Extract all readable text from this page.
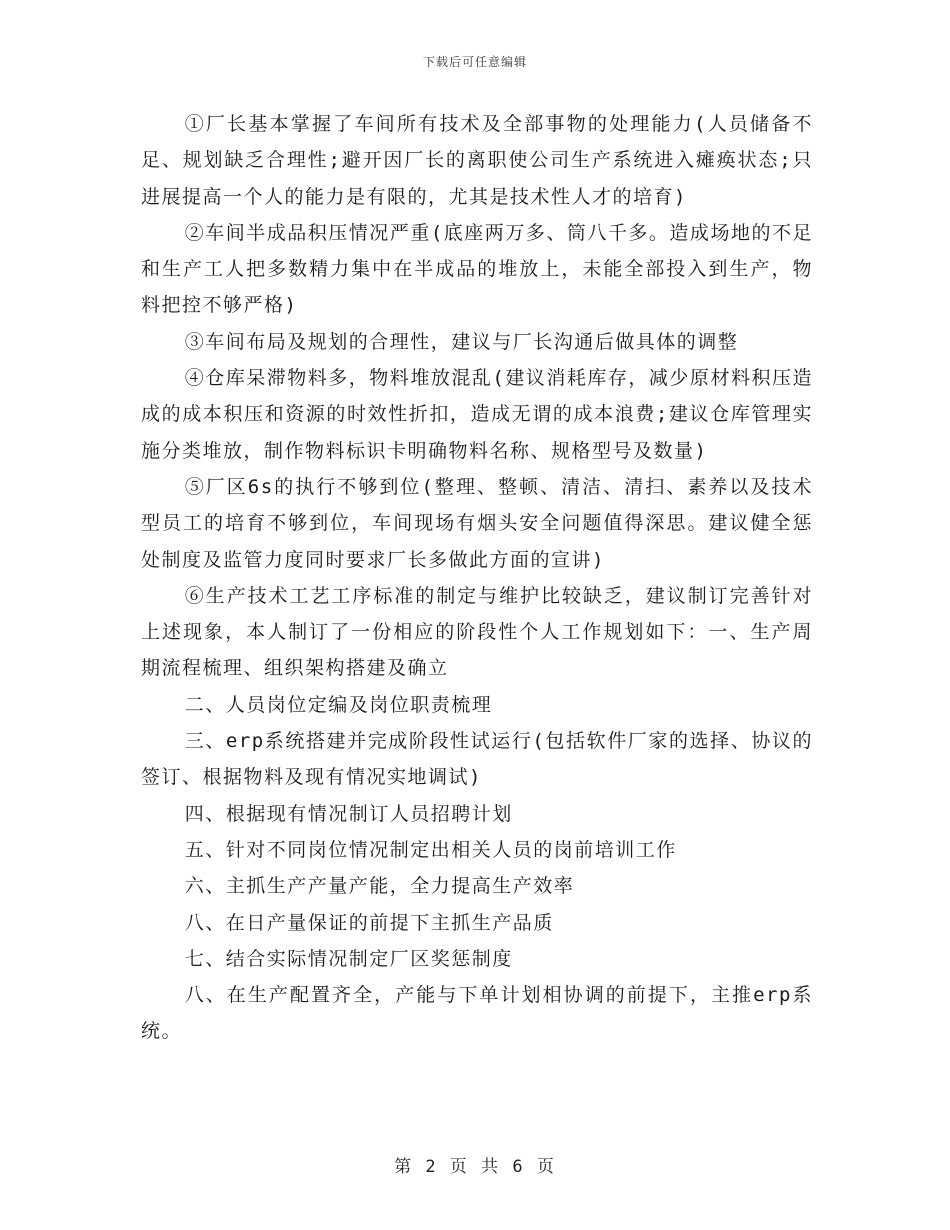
下载后可任意编辑

①厂长基本掌握了车间所有技术及全部事物的处理能力(人员储备不足、规划缺乏合理性;避开因厂长的离职使公司生产系统进入瘫痪状态;只进展提高一个人的能力是有限的，尤其是技术性人才的培育)

②车间半成品积压情况严重(底座两万多、筒八千多。造成场地的不足和生产工人把多数精力集中在半成品的堆放上，未能全部投入到生产，物料把控不够严格)

③车间布局及规划的合理性，建议与厂长沟通后做具体的调整

④仓库呆滞物料多，物料堆放混乱(建议消耗库存，减少原材料积压造成的成本积压和资源的时效性折扣，造成无谓的成本浪费;建议仓库管理实施分类堆放，制作物料标识卡明确物料名称、规格型号及数量)

⑤厂区6s的执行不够到位(整理、整顿、清洁、清扫、素养以及技术型员工的培育不够到位，车间现场有烟头安全问题值得深思。建议健全惩处制度及监管力度同时要求厂长多做此方面的宣讲)

⑥生产技术工艺工序标准的制定与维护比较缺乏，建议制订完善针对上述现象，本人制订了一份相应的阶段性个人工作规划如下：一、生产周期流程梳理、组织架构搭建及确立

二、人员岗位定编及岗位职责梳理

三、erp系统搭建并完成阶段性试运行(包括软件厂家的选择、协议的签订、根据物料及现有情况实地调试)

四、根据现有情况制订人员招聘计划

五、针对不同岗位情况制定出相关人员的岗前培训工作

六、主抓生产产量产能，全力提高生产效率

八、在日产量保证的前提下主抓生产品质

七、结合实际情况制定厂区奖惩制度

八、在生产配置齐全，产能与下单计划相协调的前提下，主推erp系统。

第 2 页 共 6 页
